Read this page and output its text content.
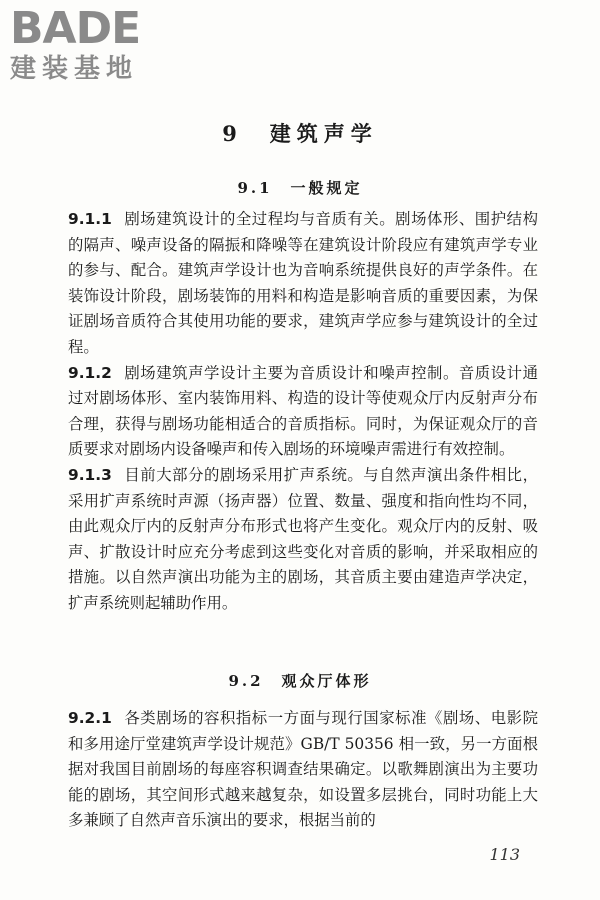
BADE
建装基地
9　建筑声学
9.1　一般规定

9.1.1 剧场建筑设计的全过程均与音质有关。剧场体形、围护结构的隔声、噪声设备的隔振和降噪等在建筑设计阶段应有建筑声学专业的参与、配合。建筑声学设计也为音响系统提供良好的声学条件。在装饰设计阶段，剧场装饰的用料和构造是影响音质的重要因素，为保证剧场音质符合其使用功能的要求，建筑声学应参与建筑设计的全过程。

9.1.2 剧场建筑声学设计主要为音质设计和噪声控制。音质设计通过对剧场体形、室内装饰用料、构造的设计等使观众厅内反射声分布合理，获得与剧场功能相适合的音质指标。同时，为保证观众厅的音质要求对剧场内设备噪声和传入剧场的环境噪声需进行有效控制。

9.1.3 目前大部分的剧场采用扩声系统。与自然声演出条件相比，采用扩声系统时声源（扬声器）位置、数量、强度和指向性均不同，由此观众厅内的反射声分布形式也将产生变化。观众厅内的反射、吸声、扩散设计时应充分考虑到这些变化对音质的影响，并采取相应的措施。以自然声演出功能为主的剧场，其音质主要由建造声学决定，扩声系统则起辅助作用。

9.2　观众厅体形

9.2.1 各类剧场的容积指标一方面与现行国家标准《剧场、电影院和多用途厅堂建筑声学设计规范》GB/T 50356 相一致，另一方面根据对我国目前剧场的每座容积调查结果确定。以歌舞剧演出为主要功能的剧场，其空间形式越来越复杂，如设置多层挑台，同时功能上大多兼顾了自然声音乐演出的要求，根据当前的

113
